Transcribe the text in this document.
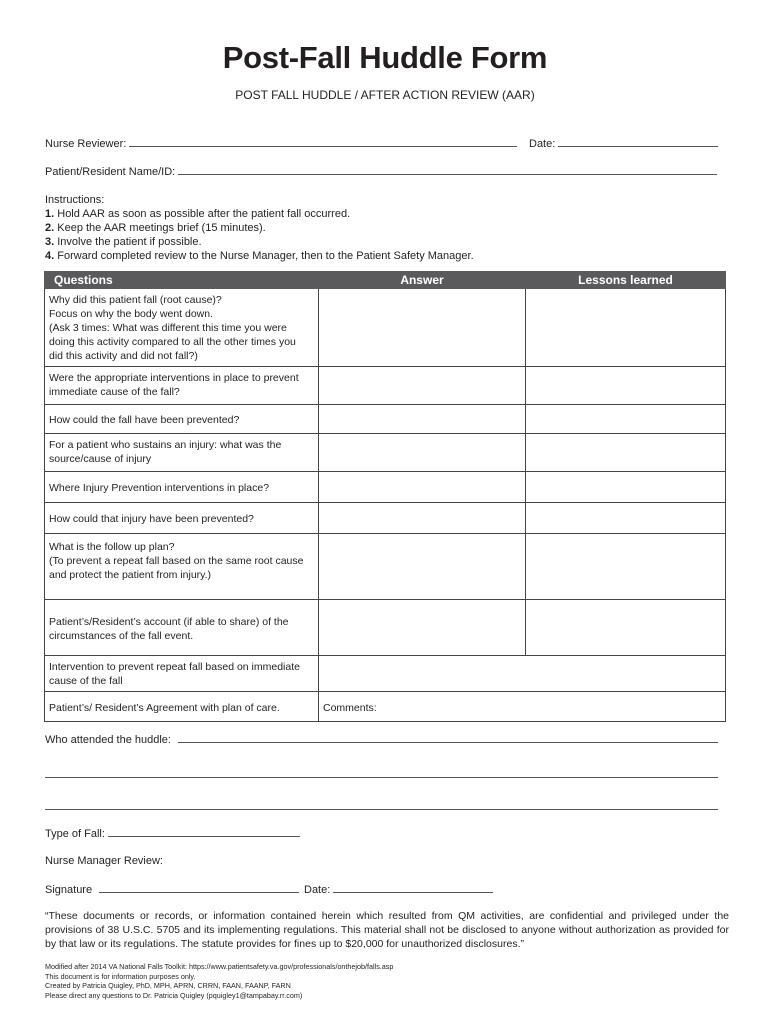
Post-Fall Huddle Form
POST FALL HUDDLE / AFTER ACTION REVIEW (AAR)
Nurse Reviewer:	Date:
Patient/Resident Name/ID:
Instructions:
1. Hold AAR as soon as possible after the patient fall occurred.
2. Keep the AAR meetings brief (15 minutes).
3. Involve the patient if possible.
4. Forward completed review to the Nurse Manager, then to the Patient Safety Manager.
Questions	Answer	Lessons learned

Why did this patient fall (root cause)?
Focus on why the body went down.
(Ask 3 times: What was different this time you were
doing this activity compared to all the other times you
did this activity and did not fall?)		

Were the appropriate interventions in place to prevent
immediate cause of the fall?		

How could the fall have been prevented?		

For a patient who sustains an injury: what was the
source/cause of injury		

Where Injury Prevention interventions in place?		

How could that injury have been prevented?		

What is the follow up plan?
(To prevent a repeat fall based on the same root cause
and protect the patient from injury.)		

Patient’s/Resident’s account (if able to share) of the
circumstances of the fall event.		

Intervention to prevent repeat fall based on immediate
cause of the fall		

Patient’s/ Resident’s Agreement with plan of care.	Comments:	
Who attended the huddle:
Type of Fall:
Nurse Manager Review:
Signature	Date:
“These documents or records, or information contained herein which resulted from QM activities, are confidential and privileged under the provisions of 38 U.S.C. 5705 and its implementing regulations. This material shall not be disclosed to anyone without authorization as provided for by that law or its regulations. The statute provides for fines up to $20,000 for unauthorized disclosures.”
Modified after 2014 VA National Falls Toolkit: https://www.patientsafety.va.gov/professionals/onthejob/falls.asp
This document is for information purposes only.
Created by Patricia Quigley, PhD, MPH, APRN, CRRN, FAAN, FAANP, FARN
Please direct any questions to Dr. Patricia Quigley (pquigley1@tampabay.rr.com)
